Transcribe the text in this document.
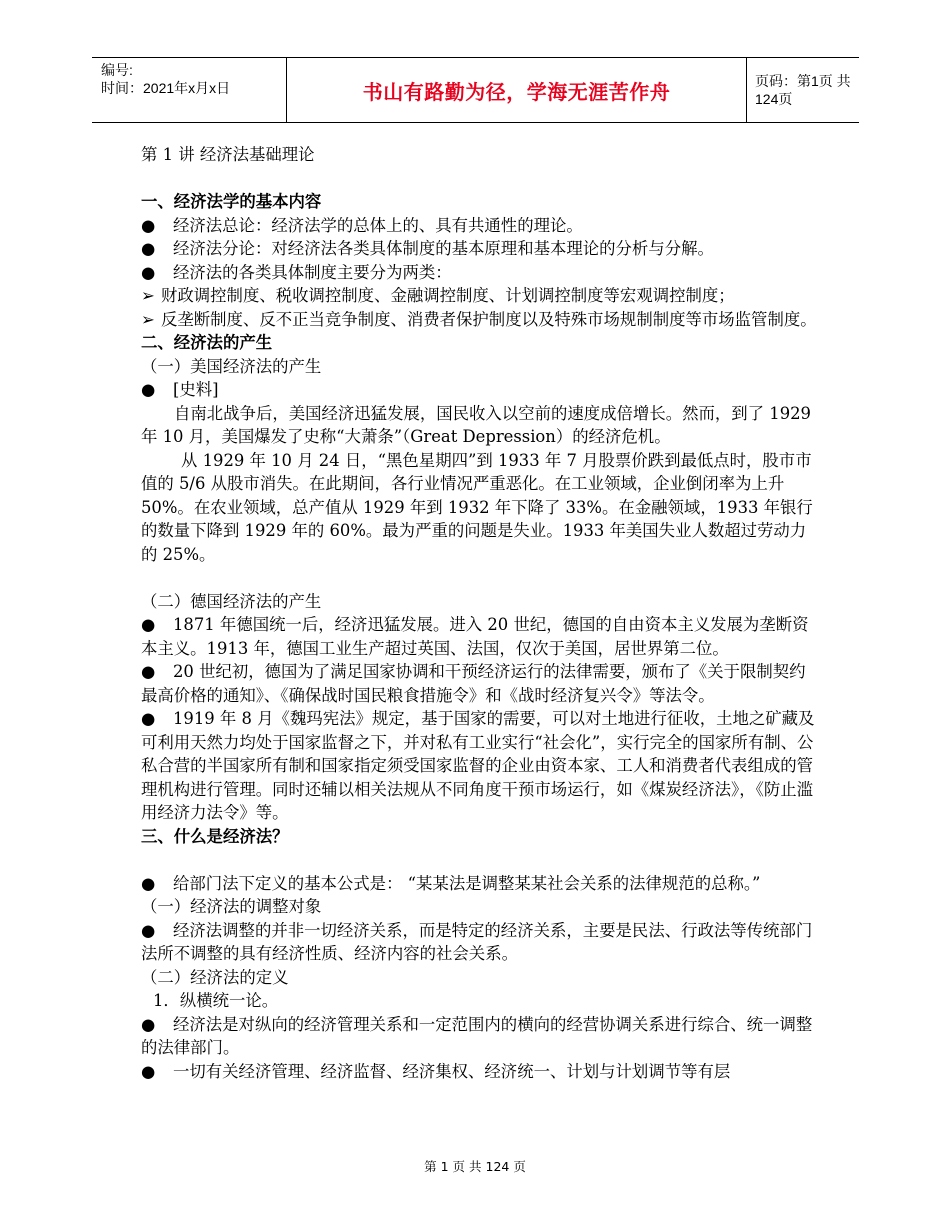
编号:
时间：2021年x月x日	书山有路勤为径，学海无涯苦作舟	页码：第1页 共124页

第 1 讲 经济法基础理论

一、经济法学的基本内容

● 经济法总论：经济法学的总体上的、具有共通性的理论。

● 经济法分论：对经济法各类具体制度的基本原理和基本理论的分析与分解。

● 经济法的各类具体制度主要分为两类：

➢ 财政调控制度、税收调控制度、金融调控制度、计划调控制度等宏观调控制度；

➢ 反垄断制度、反不正当竞争制度、消费者保护制度以及特殊市场规制制度等市场监管制度。

二、经济法的产生

（一）美国经济法的产生

● [史料]

自南北战争后，美国经济迅猛发展，国民收入以空前的速度成倍增长。然而，到了 1929 年 10 月，美国爆发了史称“大萧条”（Great Depression）的经济危机。

从 1929 年 10 月 24 日，“黑色星期四”到 1933 年 7 月股票价跌到最低点时，股市市值的 5/6 从股市消失。在此期间，各行业情况严重恶化。在工业领域，企业倒闭率为上升 50%。在农业领域，总产值从 1929 年到 1932 年下降了 33%。在金融领域，1933 年银行的数量下降到 1929 年的 60%。最为严重的问题是失业。1933 年美国失业人数超过劳动力的 25%。

（二）德国经济法的产生

● 1871 年德国统一后，经济迅猛发展。进入 20 世纪，德国的自由资本主义发展为垄断资本主义。1913 年，德国工业生产超过英国、法国，仅次于美国，居世界第二位。

● 20 世纪初，德国为了满足国家协调和干预经济运行的法律需要，颁布了《关于限制契约最高价格的通知》、《确保战时国民粮食措施令》和《战时经济复兴令》等法令。

● 1919 年 8 月《魏玛宪法》规定，基于国家的需要，可以对土地进行征收，土地之矿藏及可利用天然力均处于国家监督之下，并对私有工业实行“社会化”，实行完全的国家所有制、公私合营的半国家所有制和国家指定须受国家监督的企业由资本家、工人和消费者代表组成的管理机构进行管理。同时还辅以相关法规从不同角度干预市场运行，如《煤炭经济法》，《防止滥用经济力法令》等。

三、什么是经济法？

● 给部门法下定义的基本公式是： “某某法是调整某某社会关系的法律规范的总称。”

（一）经济法的调整对象

● 经济法调整的并非一切经济关系，而是特定的经济关系，主要是民法、行政法等传统部门法所不调整的具有经济性质、经济内容的社会关系。

（二）经济法的定义

1．纵横统一论。

● 经济法是对纵向的经济管理关系和一定范围内的横向的经营协调关系进行综合、统一调整的法律部门。

● 一切有关经济管理、经济监督、经济集权、经济统一、计划与计划调节等有层

第 1 页 共 124 页
